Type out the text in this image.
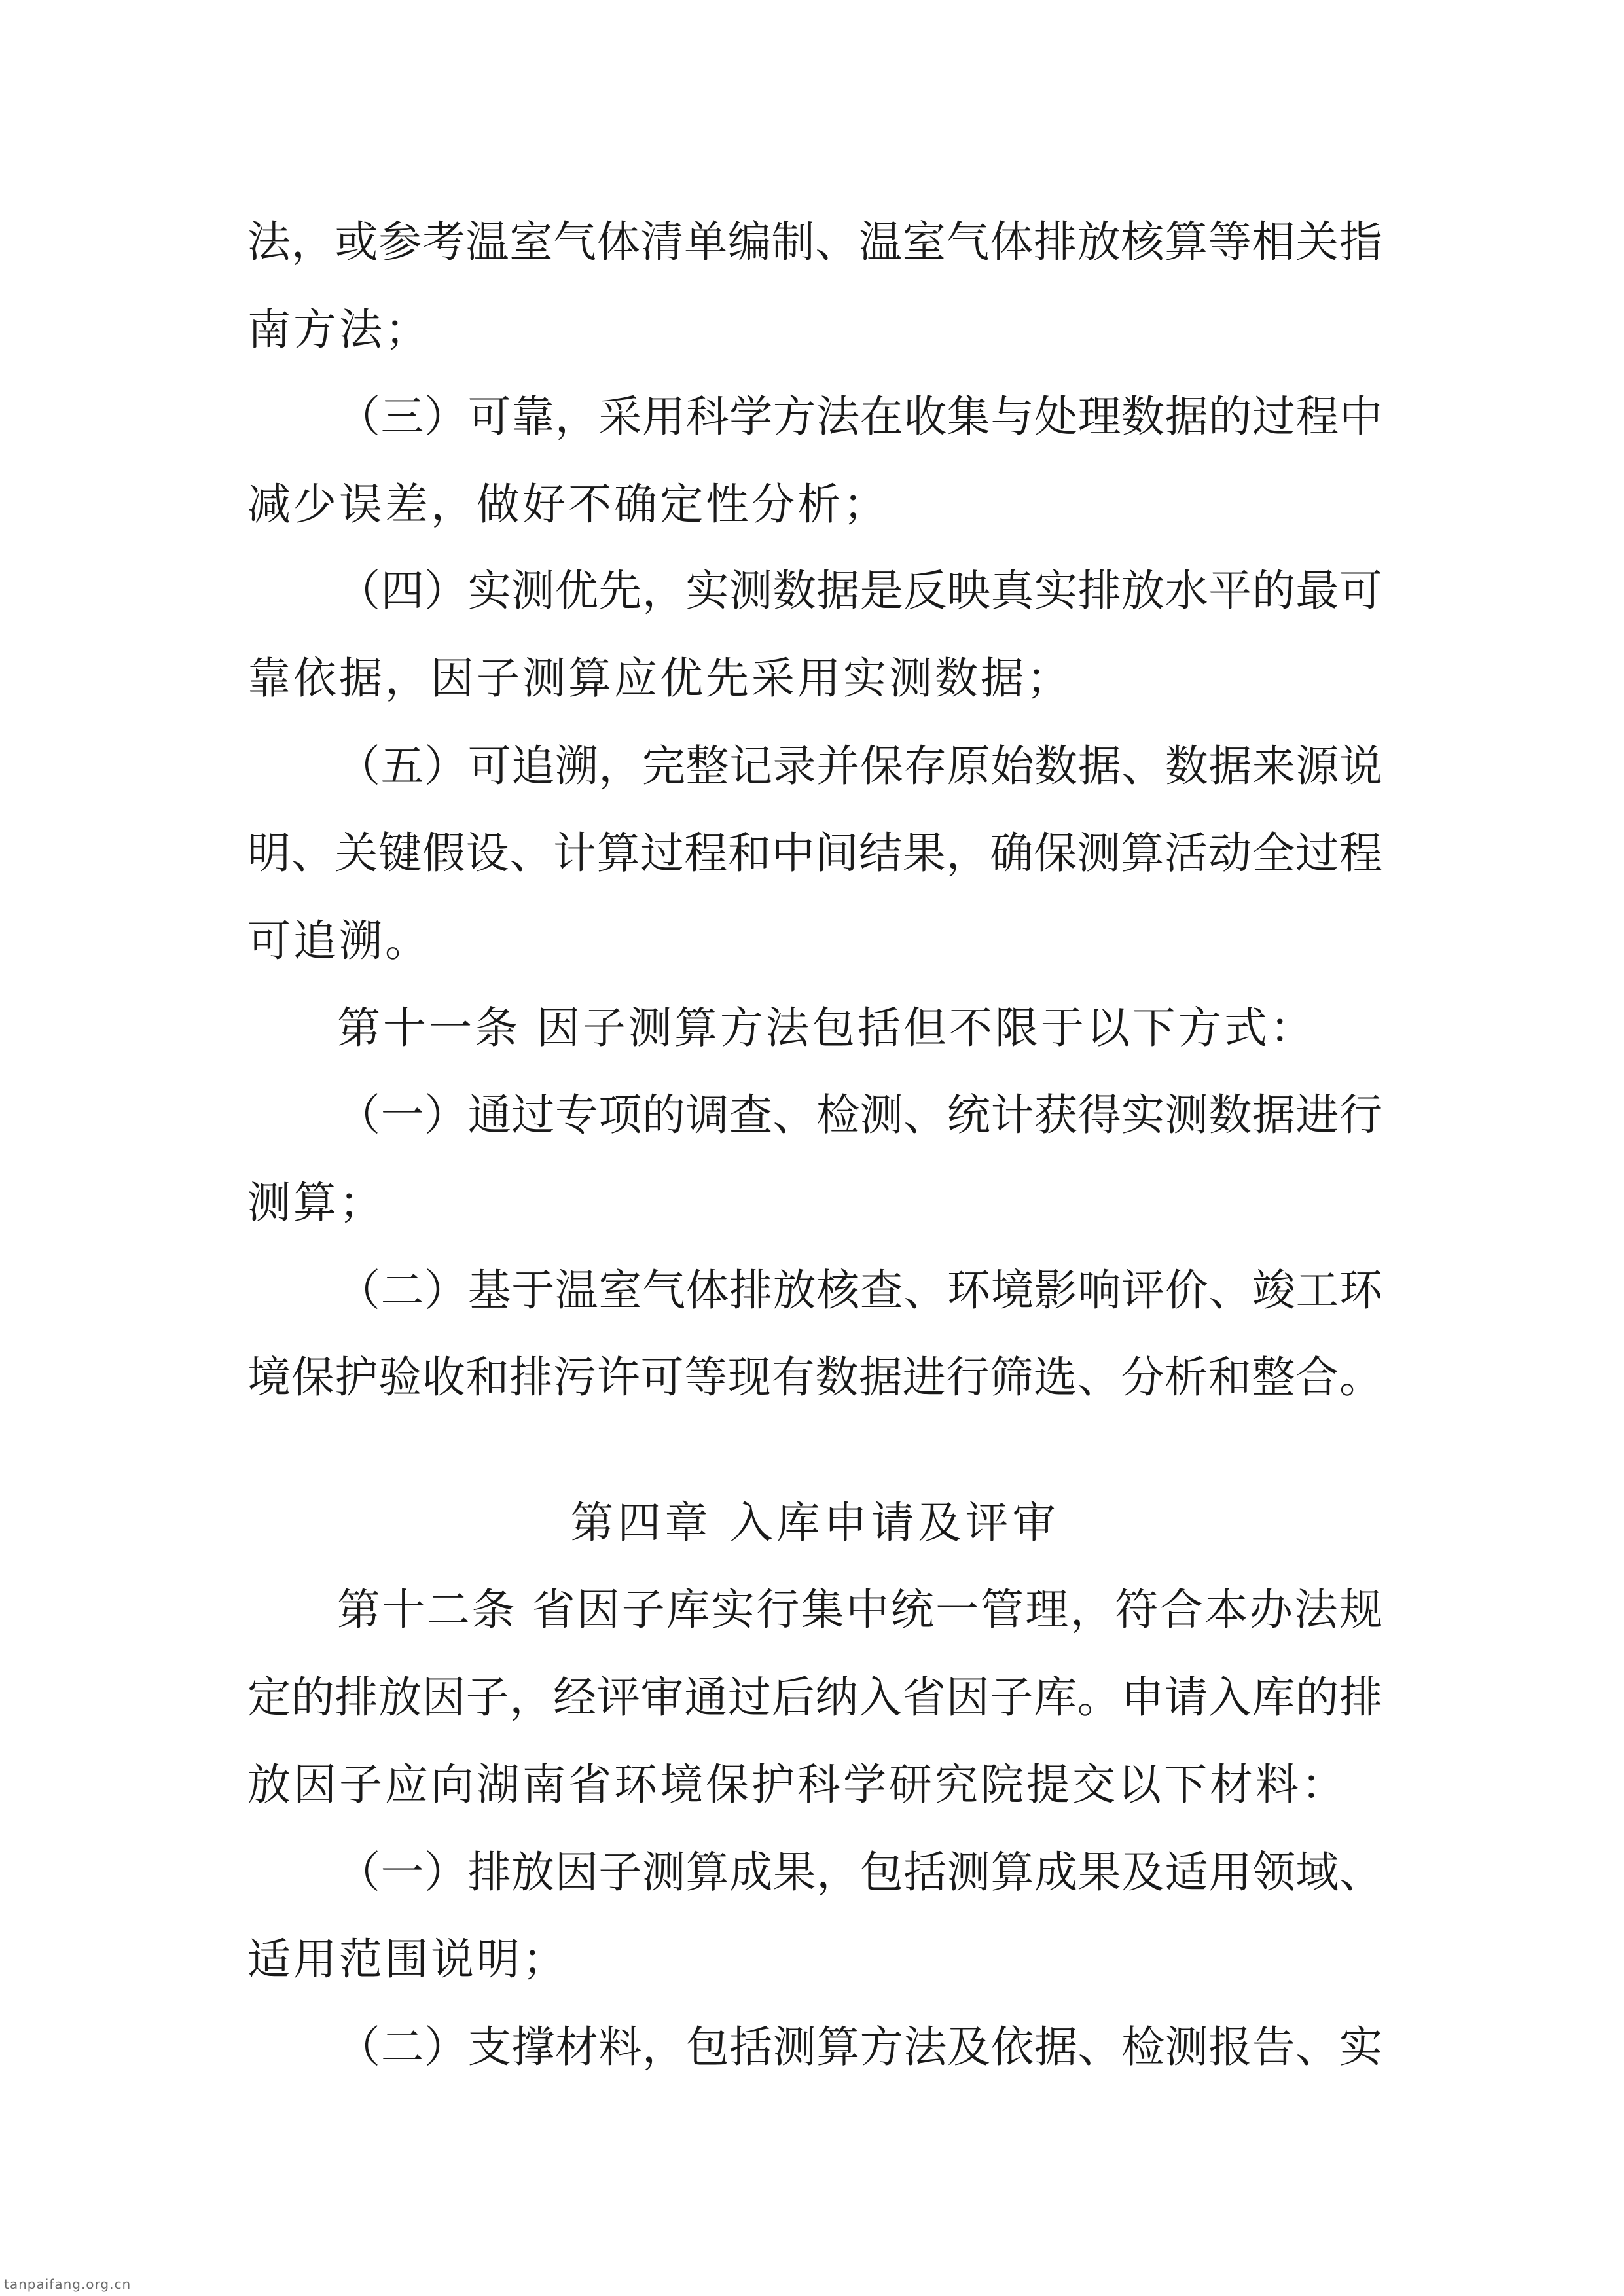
法，或参考温室气体清单编制、温室气体排放核算等相关指
南方法；
（三）可靠，采用科学方法在收集与处理数据的过程中
减少误差，做好不确定性分析；
（四）实测优先，实测数据是反映真实排放水平的最可
靠依据，因子测算应优先采用实测数据；
（五）可追溯，完整记录并保存原始数据、数据来源说
明、关键假设、计算过程和中间结果，确保测算活动全过程
可追溯。
第十一条 因子测算方法包括但不限于以下方式：
（一）通过专项的调查、检测、统计获得实测数据进行
测算；
（二）基于温室气体排放核查、环境影响评价、竣工环
境保护验收和排污许可等现有数据进行筛选、分析和整合。
第四章 入库申请及评审
第十二条 省因子库实行集中统一管理，符合本办法规
定的排放因子，经评审通过后纳入省因子库。申请入库的排
放因子应向湖南省环境保护科学研究院提交以下材料：
（一）排放因子测算成果，包括测算成果及适用领域、
适用范围说明；
（二）支撑材料，包括测算方法及依据、检测报告、实
tanpaifang.org.cn
